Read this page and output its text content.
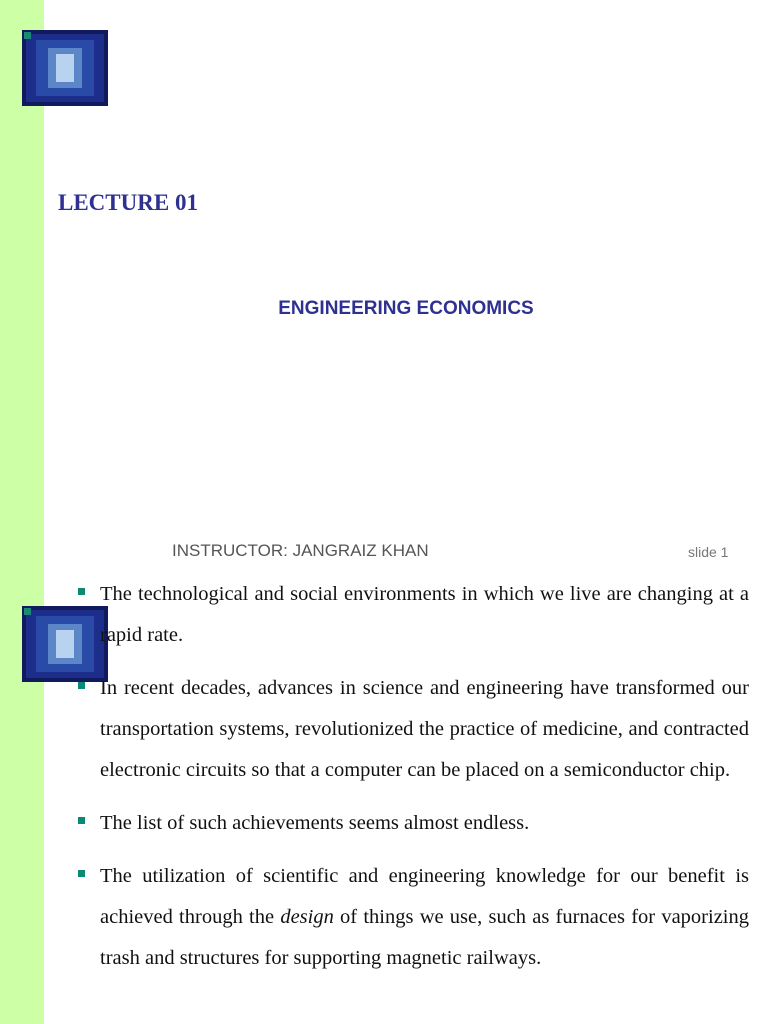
LECTURE 01
ENGINEERING ECONOMICS
INSTRUCTOR: JANGRAIZ KHAN	slide 1
The technological and social environments in which we live are changing at a rapid rate.
In recent decades, advances in science and engineering have transformed our transportation systems, revolutionized the practice of medicine, and contracted electronic circuits so that a computer can be placed on a semiconductor chip.
The list of such achievements seems almost endless.
The utilization of scientific and engineering knowledge for our benefit is achieved through the design of things we use, such as furnaces for vaporizing trash and structures for supporting magnetic railways.
